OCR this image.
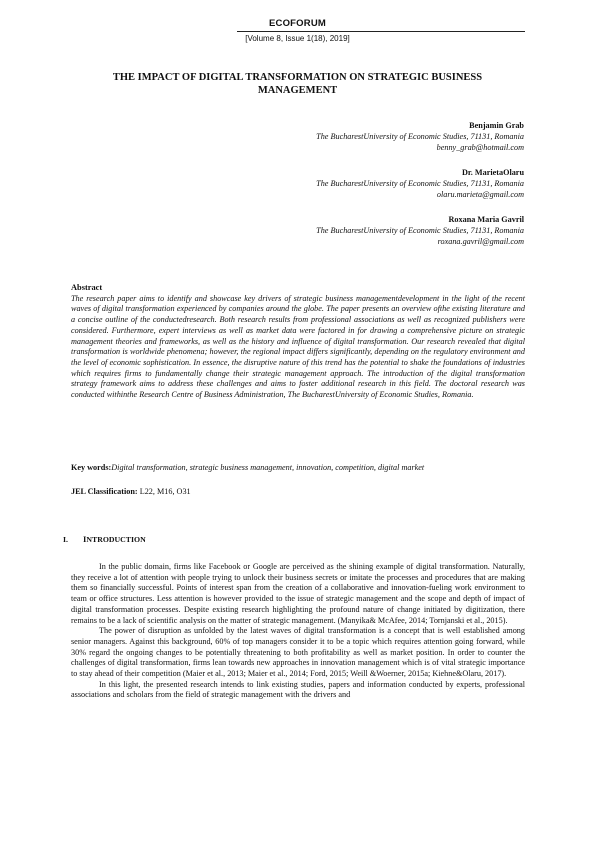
ECOFORUM
[Volume 8, Issue 1(18), 2019]
THE IMPACT OF DIGITAL TRANSFORMATION ON STRATEGIC BUSINESS
MANAGEMENT
Benjamin Grab
The BucharestUniversity of Economic Studies, 71131, Romania
benny_grab@hotmail.com
Dr. MarietaOlaru
The BucharestUniversity of Economic Studies, 71131, Romania
olaru.marieta@gmail.com
Roxana Maria Gavril
The BucharestUniversity of Economic Studies, 71131, Romania
roxana.gavril@gmail.com
Abstract
The research paper aims to identify and showcase key drivers of strategic business managementdevelopment in the light of the recent waves of digital transformation experienced by companies around the globe. The paper presents an overview ofthe existing literature and a concise outline of the conductedresearch. Both research results from professional associations as well as recognized publishers were considered. Furthermore, expert interviews as well as market data were factored in for drawing a comprehensive picture on strategic management theories and frameworks, as well as the history and influence of digital transformation. Our research revealed that digital transformation is worldwide phenomena; however, the regional impact differs significantly, depending on the regulatory environment and the level of economic sophistication. In essence, the disruptive nature of this trend has the potential to shake the foundations of industries which requires firms to fundamentally change their strategic management approach. The introduction of the digital transformation strategy framework aims to address these challenges and aims to foster additional research in this field. The doctoral research was conducted withinthe Research Centre of Business Administration, The BucharestUniversity of Economic Studies, Romania.
Key words:Digital transformation, strategic business management, innovation, competition, digital market
JEL Classification: L22, M16, O31
I. INTRODUCTION

In the public domain, firms like Facebook or Google are perceived as the shining example of digital transformation. Naturally, they receive a lot of attention with people trying to unlock their business secrets or imitate the processes and procedures that are making them so financially successful. Points of interest span from the creation of a collaborative and innovation-fueling work environment to team or office structures. Less attention is however provided to the issue of strategic management and the scope and depth of impact of digital transformation processes. Despite existing research highlighting the profound nature of change initiated by digitization, there remains to be a lack of scientific analysis on the matter of strategic management. (Manyika& McAfee, 2014; Tornjanski et al., 2015).

The power of disruption as unfolded by the latest waves of digital transformation is a concept that is well established among senior managers. Against this background, 60% of top managers consider it to be a topic which requires attention going forward, while 30% regard the ongoing changes to be potentially threatening to both profitability as well as market position. In order to counter the challenges of digital transformation, firms lean towards new approaches in innovation management which is of vital strategic importance to stay ahead of their competition (Maier et al., 2013; Maier et al., 2014; Ford, 2015; Weill &Woerner, 2015a; Kiehne&Olaru, 2017).

In this light, the presented research intends to link existing studies, papers and information conducted by experts, professional associations and scholars from the field of strategic management with the drivers and
